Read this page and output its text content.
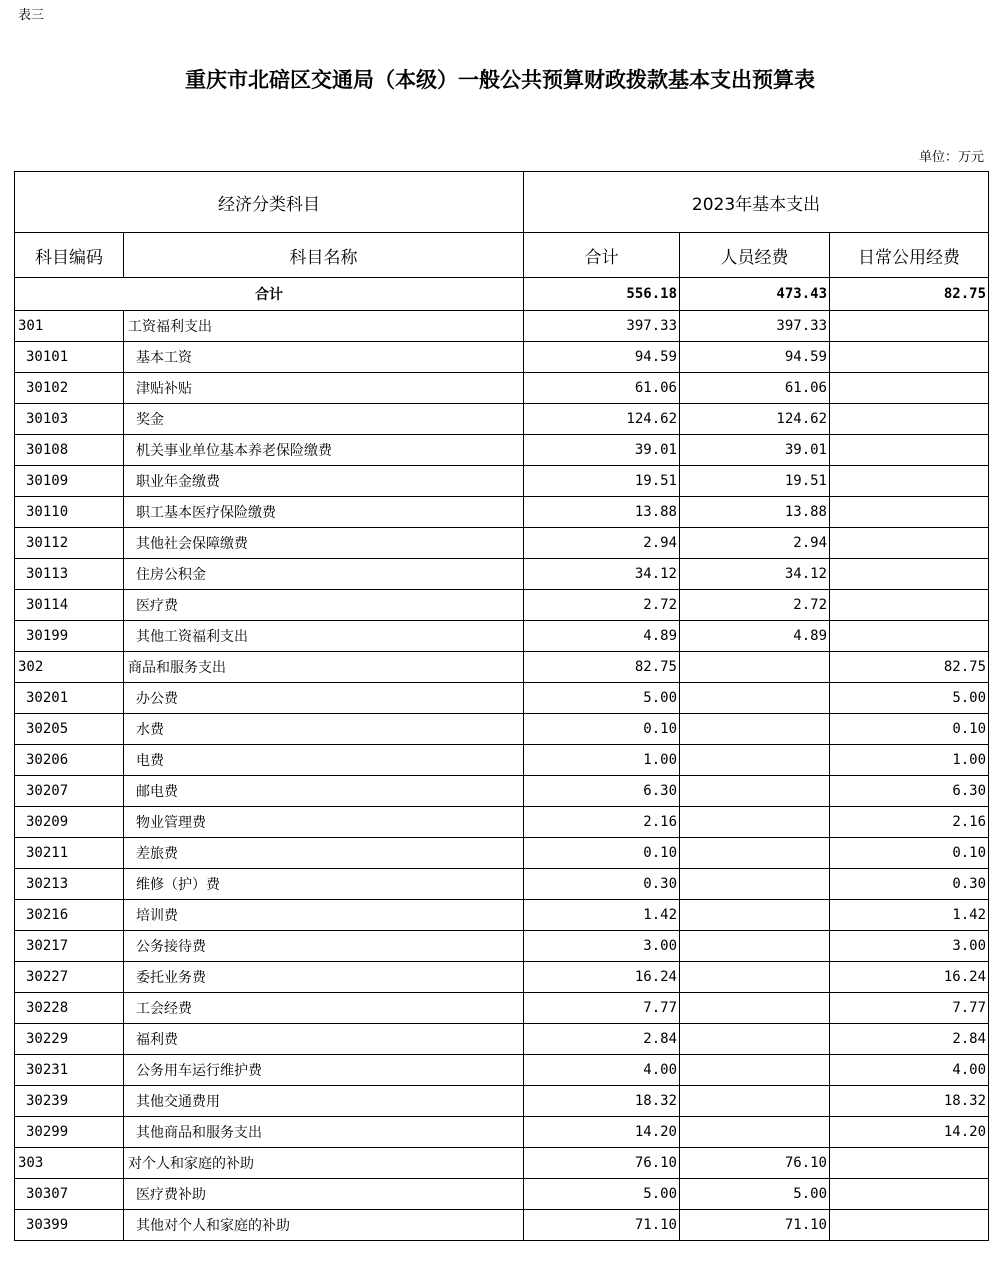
表三
重庆市北碚区交通局（本级）一般公共预算财政拨款基本支出预算表
单位：万元
经济分类科目		2023年基本支出		
科目编码	科目名称	合计	人员经费	日常公用经费
合计		556.18	473.43	82.75
301	工资福利支出	397.33	397.33	
30101	基本工资	94.59	94.59	
30102	津贴补贴	61.06	61.06	
30103	奖金	124.62	124.62	
30108	机关事业单位基本养老保险缴费	39.01	39.01	
30109	职业年金缴费	19.51	19.51	
30110	职工基本医疗保险缴费	13.88	13.88	
30112	其他社会保障缴费	2.94	2.94	
30113	住房公积金	34.12	34.12	
30114	医疗费	2.72	2.72	
30199	其他工资福利支出	4.89	4.89	
302	商品和服务支出	82.75		82.75
30201	办公费	5.00		5.00
30205	水费	0.10		0.10
30206	电费	1.00		1.00
30207	邮电费	6.30		6.30
30209	物业管理费	2.16		2.16
30211	差旅费	0.10		0.10
30213	维修（护）费	0.30		0.30
30216	培训费	1.42		1.42
30217	公务接待费	3.00		3.00
30227	委托业务费	16.24		16.24
30228	工会经费	7.77		7.77
30229	福利费	2.84		2.84
30231	公务用车运行维护费	4.00		4.00
30239	其他交通费用	18.32		18.32
30299	其他商品和服务支出	14.20		14.20
303	对个人和家庭的补助	76.10	76.10	
30307	医疗费补助	5.00	5.00	
30399	其他对个人和家庭的补助	71.10	71.10	
